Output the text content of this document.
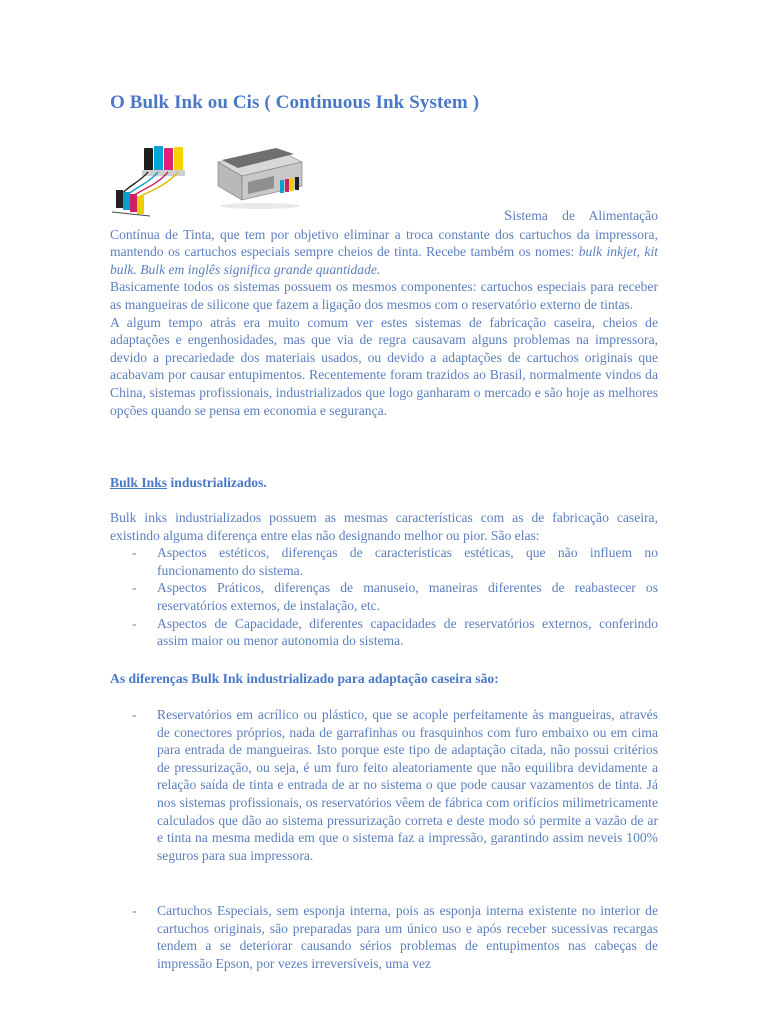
O Bulk Ink ou Cis ( Continuous Ink System )

Sistema de Alimentação Contínua de Tinta, que tem por objetivo eliminar a troca constante dos cartuchos da impressora, mantendo os cartuchos especiais sempre cheios de tinta. Recebe também os nomes: bulk inkjet, kit bulk. Bulk em inglês significa grande quantidade.

Basicamente todos os sistemas possuem os mesmos componentes: cartuchos especiais para receber as mangueiras de silicone que fazem a ligação dos mesmos com o reservatório externo de tintas.

A algum tempo atrás era muito comum ver estes sistemas de fabricação caseira, cheios de adaptações e engenhosidades, mas que via de regra causavam alguns problemas na impressora, devido a precariedade dos materiais usados, ou devido a adaptações de cartuchos originais que acabavam por causar entupimentos. Recentemente foram trazidos ao Brasil, normalmente vindos da China, sistemas profissionais, industrializados que logo ganharam o mercado e são hoje as melhores opções quando se pensa em economia e segurança.

Bulk Inks industrializados.

Bulk inks industrializados possuem as mesmas características com as de fabricação caseira, existindo alguma diferença entre elas não designando melhor ou pior. São elas:

- Aspectos estéticos, diferenças de características estéticas, que não influem no funcionamento do sistema.
- Aspectos Práticos, diferenças de manuseio, maneiras diferentes de reabastecer os reservatórios externos, de instalação, etc.
- Aspectos de Capacidade, diferentes capacidades de reservatórios externos, conferindo assim maior ou menor autonomia do sistema.

As diferenças Bulk Ink industrializado para adaptação caseira são:

- Reservatórios em acrílico ou plástico, que se acople perfeitamente às mangueiras, através de conectores próprios, nada de garrafinhas ou frasquinhos com furo embaixo ou em cima para entrada de mangueiras. Isto porque este tipo de adaptação citada, não possui critérios de pressurização, ou seja, é um furo feito aleatoriamente que não equilibra devidamente a relação saída de tinta e entrada de ar no sistema o que pode causar vazamentos de tinta. Já nos sistemas profissionais, os reservatórios vêem de fábrica com orifícios milimetricamente calculados que dão ao sistema pressurização correta e deste modo só permite a vazão de ar e tinta na mesma medida em que o sistema faz a impressão, garantindo assim neveis 100% seguros para sua impressora.
- Cartuchos Especiais, sem esponja interna, pois as esponja interna existente no interior de cartuchos originais, são preparadas para um único uso e após receber sucessivas recargas tendem a se deteriorar causando sérios problemas de entupimentos nas cabeças de impressão Epson, por vezes irreversíveis, uma vez
